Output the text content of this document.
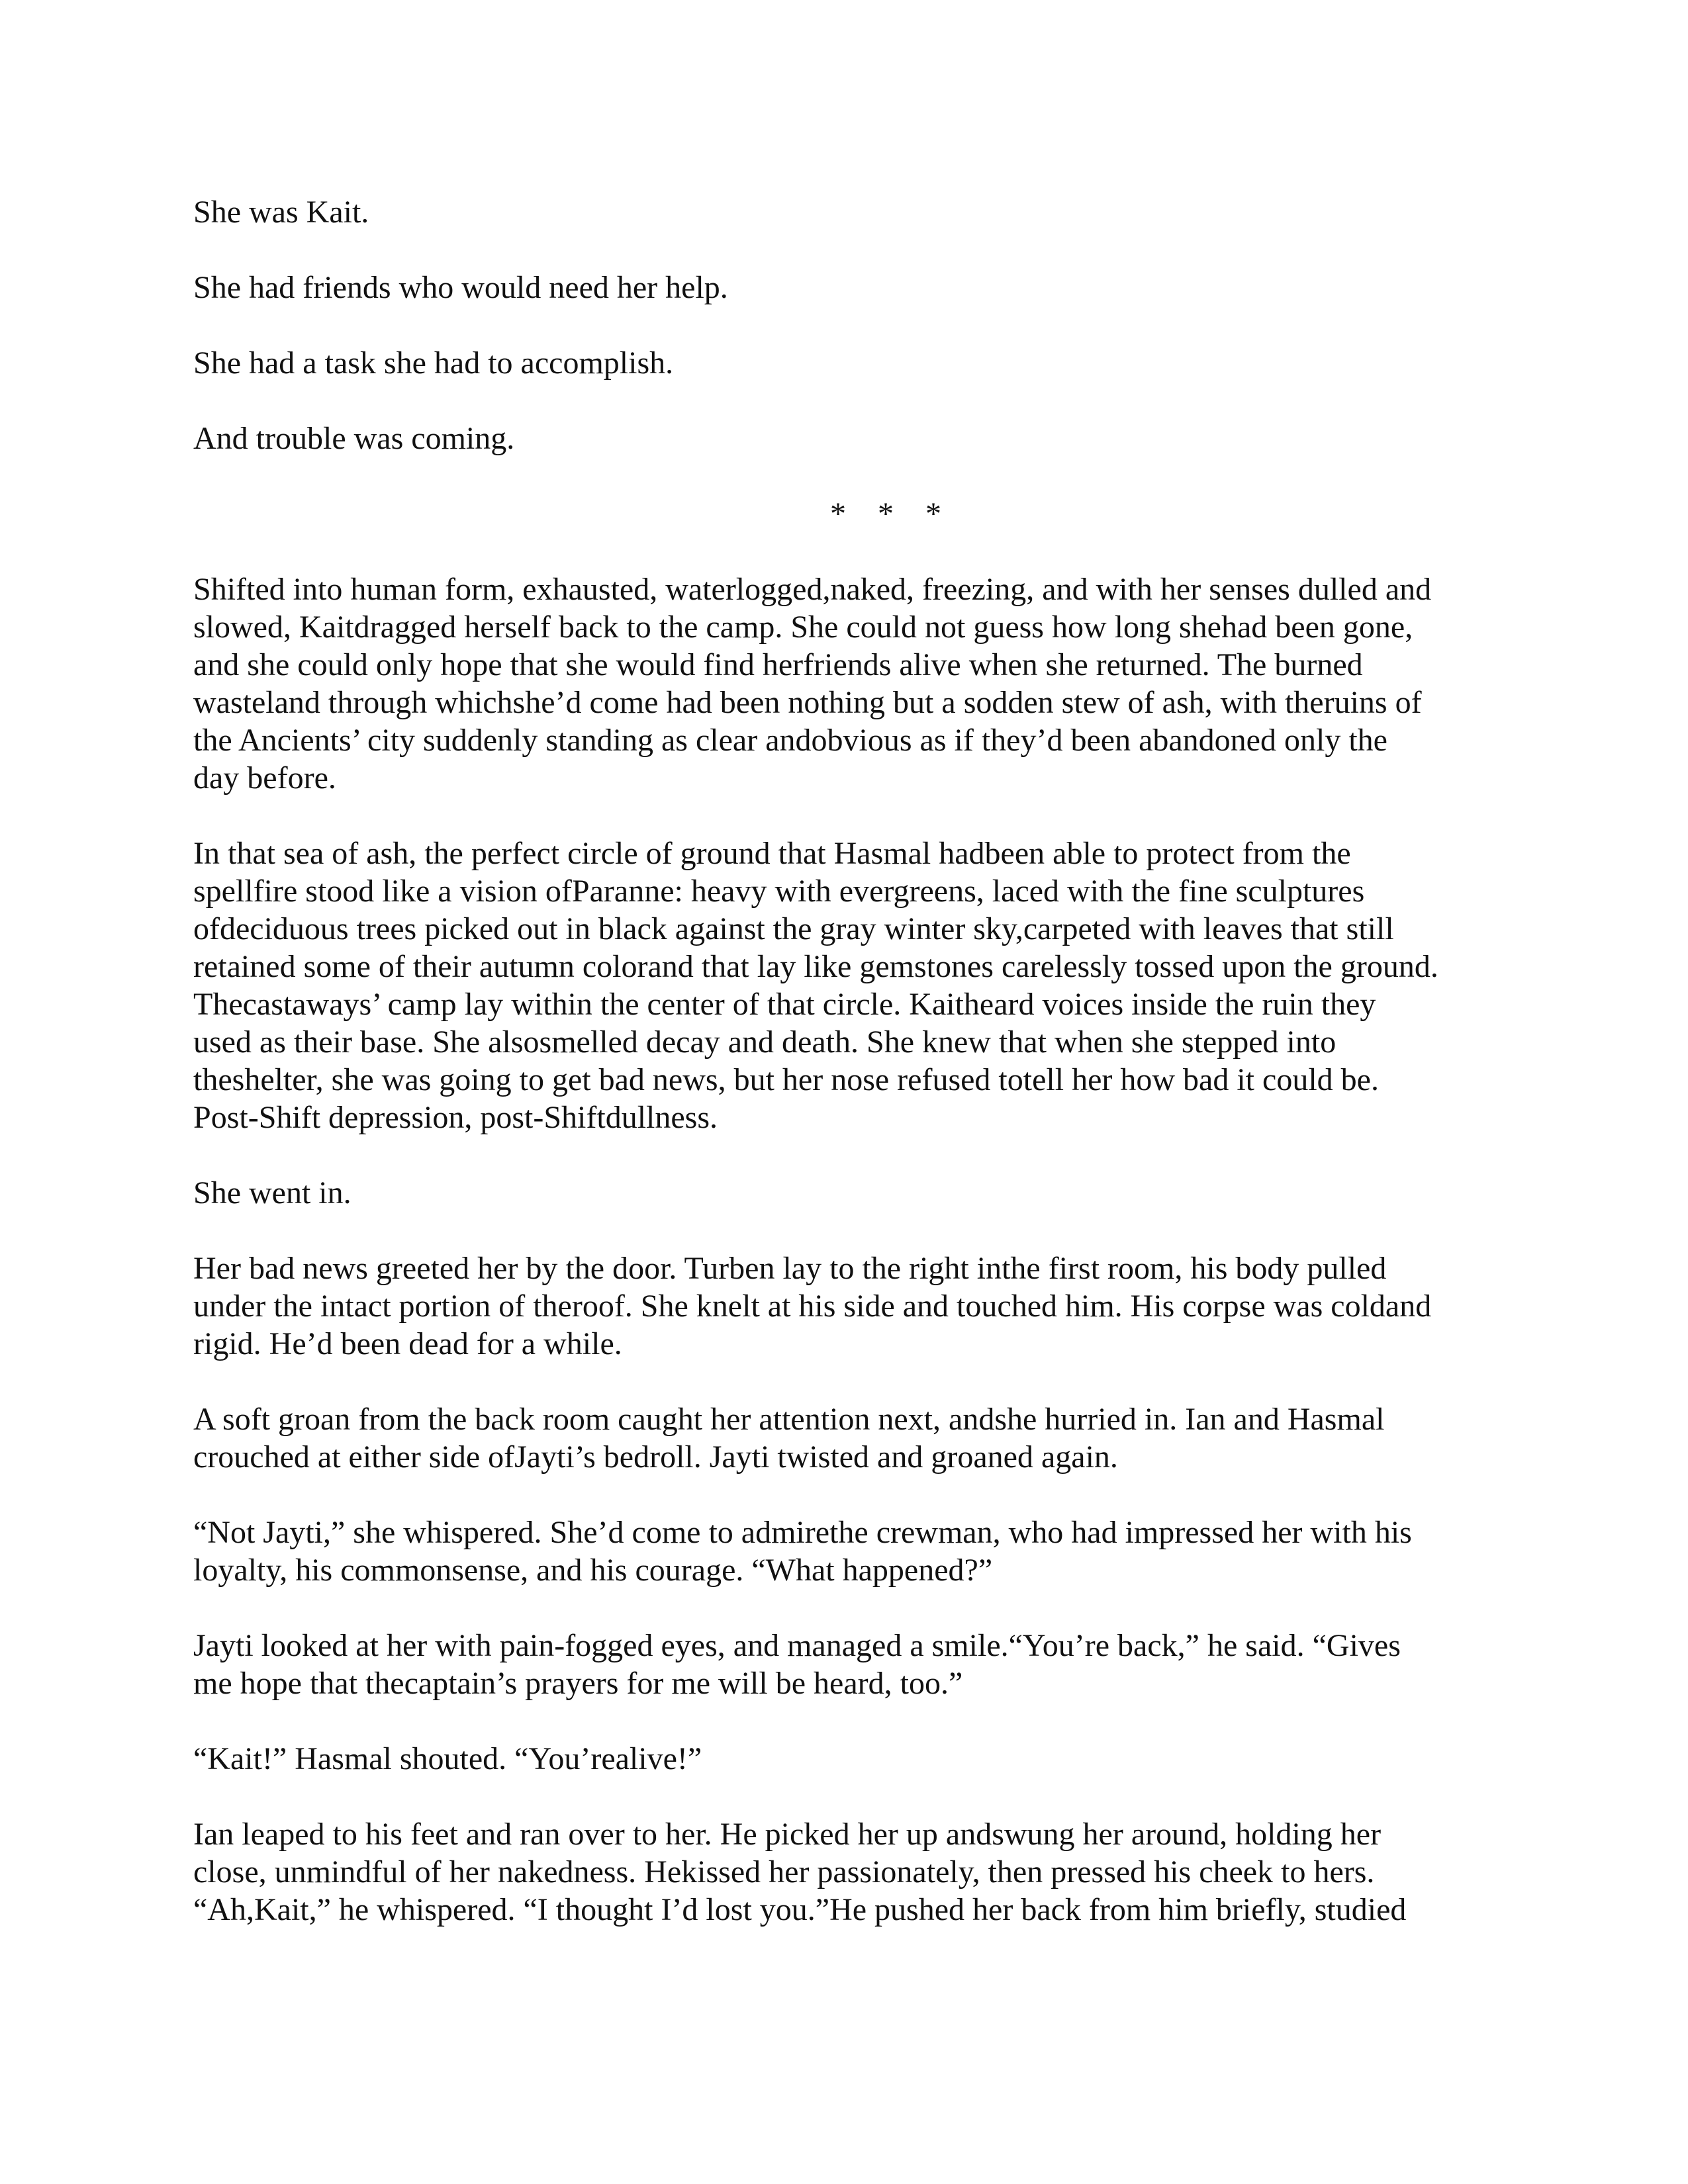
She was Kait.

She had friends who would need her help.

She had a task she had to accomplish.

And trouble was coming.

* * *

Shifted into human form, exhausted, waterlogged,naked, freezing, and with her senses dulled and
slowed, Kaitdragged herself back to the camp. She could not guess how long shehad been gone,
and she could only hope that she would find herfriends alive when she returned. The burned
wasteland through whichshe’d come had been nothing but a sodden stew of ash, with theruins of
the Ancients’ city suddenly standing as clear andobvious as if they’d been abandoned only the
day before.

In that sea of ash, the perfect circle of ground that Hasmal hadbeen able to protect from the
spellfire stood like a vision ofParanne: heavy with evergreens, laced with the fine sculptures
ofdeciduous trees picked out in black against the gray winter sky,carpeted with leaves that still
retained some of their autumn colorand that lay like gemstones carelessly tossed upon the ground.
Thecastaways’ camp lay within the center of that circle. Kaitheard voices inside the ruin they
used as their base. She alsosmelled decay and death. She knew that when she stepped into
theshelter, she was going to get bad news, but her nose refused totell her how bad it could be.
Post-Shift depression, post-Shiftdullness.

She went in.

Her bad news greeted her by the door. Turben lay to the right inthe first room, his body pulled
under the intact portion of theroof. She knelt at his side and touched him. His corpse was coldand
rigid. He’d been dead for a while.

A soft groan from the back room caught her attention next, andshe hurried in. Ian and Hasmal
crouched at either side ofJayti’s bedroll. Jayti twisted and groaned again.

“Not Jayti,” she whispered. She’d come to admirethe crewman, who had impressed her with his
loyalty, his commonsense, and his courage. “What happened?”

Jayti looked at her with pain-fogged eyes, and managed a smile.“You’re back,” he said. “Gives
me hope that thecaptain’s prayers for me will be heard, too.”

“Kait!” Hasmal shouted. “You’realive!”

Ian leaped to his feet and ran over to her. He picked her up andswung her around, holding her
close, unmindful of her nakedness. Hekissed her passionately, then pressed his cheek to hers.
“Ah,Kait,” he whispered. “I thought I’d lost you.”He pushed her back from him briefly, studied
